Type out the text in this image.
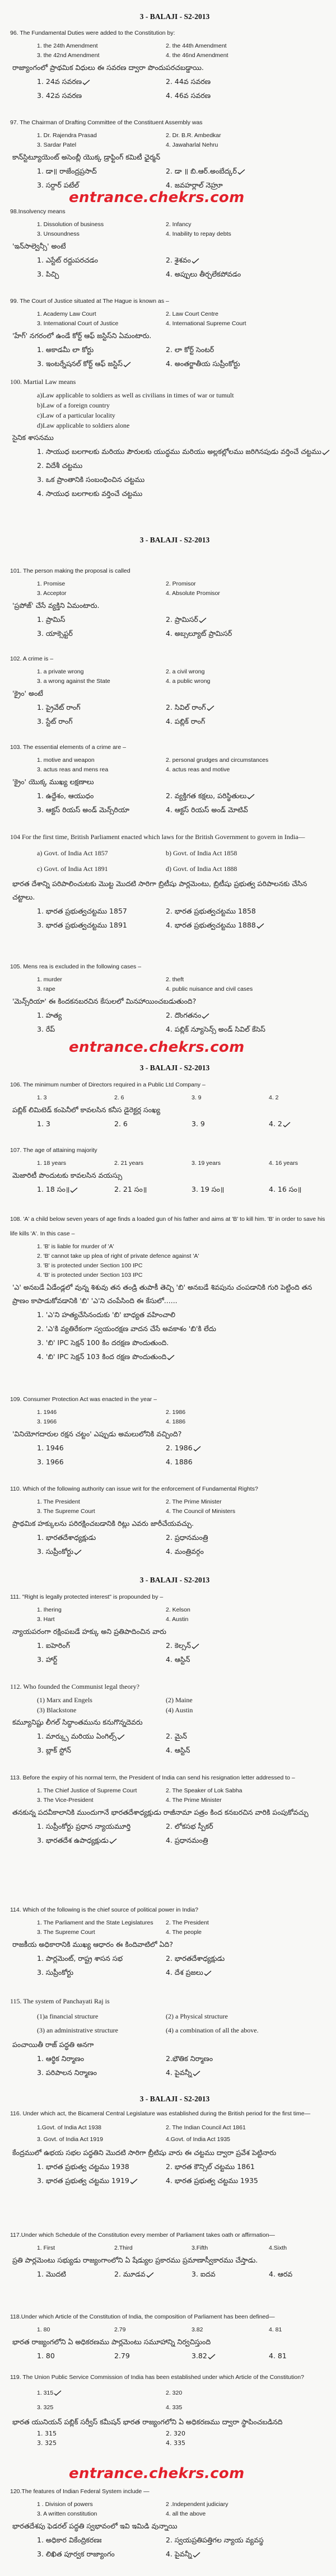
3 - BALAJI - S2-2013
3 - BALAJI - S2-2013
3 - BALAJI - S2-2013
3 - BALAJI - S2-2013
3 - BALAJI - S2-2013
entrance.chekrs.com
entrance.chekrs.com
entrance.chekrs.com
96. The Fundamental Duties were added to the Constitution by:
1. the 24th Amendment	2. the 44th Amendment
3. the 42nd Amendment	4. the 46nd Amendment
రాజ్యాంగంలో ప్రాథమిక విధులు ఈ సవరణ ద్వారా పొందుపరచబడ్డాయి.
1. 24వ సవరణ	2. 44వ సవరణ
3. 42వ సవరణ	4. 46వ సవరణ
97. The Chairman of Drafting Committee of the Constituent Assembly was
1. Dr. Rajendra Prasad	2. Dr. B.R. Ambedkar
3. Sardar Patel	4. Jawaharlal Nehru
కాన్‌స్టిట్యూయెంట్ అసెంబ్లీ యొక్క డ్రాఫ్టింగ్ కమిటీ ఛైర్మన్
1. డా॥ రాజేంద్రప్రసాద్	2. డా ॥ బి.ఆర్.అంబేద్కర్
3. సర్దార్ పటేల్	4. జవహర్లాల్ నెహ్రూ
98.Insolvency means
1. Dissolution of business	2. Infancy
3. Unsoundness	4. Inability to repay debts
'ఇన్‌సాల్వెన్సీ' అంటే
1. ఎస్టేట్ రద్దుపరచడం	2. శైశవం
3. పిచ్చి	4. అప్పులు తీర్చలేకపోవడం
99. The Court of Justice situated at The Hague is known as –
1. Academy Law Court	2. Law Court Centre
3. International Court of Justice	4. International Supreme Court
'హేగ్' నగరంలో ఉండే కోర్ట్ ఆఫ్ జస్టిస్‌ని ఏమంటారు.
1. అకాడమీ లా కోర్టు	2. లా కోర్ట్ సెంటర్
3. ఇంటర్నేషనల్ కోర్ట్ ఆఫ్ జస్టిస్	4. అంతర్జాతీయ సుప్రీంకోర్టు
100. Martial Law means
a)Law applicable to soldiers as well as civilians in times of war or tumult
b)Law of a foreign country
c)Law of a particular locality
d)Law applicable to soldiers alone
సైనిక శాసనము
1. సాయుధ బలగాలకు మరియు పౌరులకు యుద్ధము మరియు అల్లకల్లోలము జరిగినపుడు వర్తించే చట్టము
2. విదేశీ చట్టము
3. ఒక ప్రాంతానికి సంబంధించిన చట్టము
4. సాయుధ బలగాలకు వర్తించే చట్టము
101. The person making the proposal is called
1. Promise	2. Promisor
3. Acceptor	4. Absolute Promisor
'ప్రపోజ్' చేసే వ్యక్తిని ఏమంటారు.
1. ప్రామిస్	2. ప్రామిసర్
3. యాక్సెప్టర్	4. అబ్సల్యూట్ ప్రామిసర్
102. A crime is –
1. a private wrong	2. a civil wrong
3. a wrong against the State	4. a public wrong
'క్రైం' అంటే
1. ప్రైవేట్ రాంగ్	2. సివిల్ రాంగ్
3. స్టేట్ రాంగ్	4. పబ్లిక్ రాంగ్
103. The essential elements of a crime are –
1. motive and weapon	2. personal grudges and circumstances
3. actus reas and mens rea	4. actus reas and motive
'క్రైం' యొక్క ముఖ్య లక్షణాలు
1. ఉద్దేశం, ఆయుధం	2. వ్యక్తిగత కక్షలు, పరిస్థితులు
3. ఆక్టస్ రియస్ అండ్ మెన్స్‌రియా	4. ఆక్టస్ రియస్ అండ్ మోటివ్
104 For the first time, British Parliament enacted which laws for the British Government to govern in India—
a) Govt. of India Act 1857	b) Govt. of India Act 1858
c) Govt. of India Act 1891	d) Govt. of India Act 1888
భారత దేశాన్ని పరిపాలించుటకు మొట్ట మొదటి సారిగా బ్రిటీషు పార్లమెంటు, బ్రిటీషు ప్రభుత్వ పరిపాలనకు చేసిన చట్టాలు.
1. భారత ప్రభుత్వచట్టము 1857	2. భారత ప్రభుత్వచట్టము 1858
3. భారత ప్రభుత్వచట్టము 1891	4. భారత ప్రభుత్వచట్టము 1888
105. Mens rea is excluded in the following cases –
1. murder	2. theft
3. rape	4. public nuisance and civil cases
'మెన్స్‌రియా' ఈ కిందకనబరచిన కేసులలో మినహాయించబడుతుంది?
1. హత్య	2. దొంగతనం
3. రేప్	4. పబ్లిక్ న్యూసెన్స్ అండ్ సివిల్ కేసెస్
106. The minimum number of Directors required in a Public Ltd Company –
1. 3	2. 6	3. 9	4. 2
పబ్లిక్ లిమిటెడ్ కంపెనీలో కావలసిన కనీస డైరెక్టర్ల సంఖ్య
1. 3	2. 6	3. 9	4. 2
107. The age of attaining majority
1. 18 years	2. 21 years	3. 19 years	4. 16 years
మెజారిటీ పొందుటకు కావలసిన వయస్సు
1. 18 సం॥	2. 21 సం॥	3. 19 సం॥	4. 16 సం॥
108. 'A' a child below seven years of age finds a loaded gun of his father and aims at 'B' to kill him. 'B' in order to save his life kills 'A'. In this case –
1. 'B' is liable for murder of 'A'
2. 'B' cannot take up plea of right of private defence against 'A'
3. 'B' is protected under Section 100 IPC
4. 'B' is protected under Section 103 IPC
'ఎ' అనబడే ఏడేండ్లలో వున్న శిశువు తన తండ్రి తుపాకీ తెచ్చి 'బి' అనబడే శివపును చంపడానికి గురి పెట్టింది తన ప్రాణం కాపాడుకోవడానికి 'బి' 'ఎ'ని చంపేసింది ఈ కేసులో......
1. 'ఎ'ని హత్యచేసినందుకు 'బి' బాధ్యత వహించాలి
2. 'ఎ'కి వ్యతిరేకంగా స్వయంరక్షణ వాదన చేసే అవకాశం 'బి'కి లేదు
3. 'బి' IPC సెక్షన్ 100 కిం దరక్షణ పొందుతుంది.
4. 'బి' IPC సెక్షన్ 103 కింద రక్షణ పొందుతుంది
109. Consumer Protection Act was enacted in the year –
1. 1946	2. 1986
3. 1966	4. 1886
'వినియోగదారుల రక్షన చట్టం' ఎప్పుడు అమలులోనికి వచ్చింది?
1. 1946	2. 1986
3. 1966	4. 1886
110. Which of the following authority can issue writ for the enforcement of Fundamental Rights?
1. The President	2. The Prime Minister
3. The Supreme Court	4. The Council of Ministers
ప్రాథమిక హక్కులను పరిరక్షించబడానికి రిట్లు ఎవరు జారీచేయవచ్చు.
1. భారతదేశాధ్యక్షుడు	2. ప్రధానమంత్రి
3. సుప్రీంకోర్టు	4. మంత్రివర్గం
111. "Right is legally protected interest" is propounded by –
1. Ihering	2. Kelson
3. Hart	4. Austin
న్యాయపరంగా రక్షింపబడే హక్కు అని ప్రతిపాదించిన వారు
1. ఐహెరింగ్	2. కెల్సన్
3. హార్ట్	4. ఆస్టిన్
112. Who founded the Communist legal theory?
(1) Marx and Engels	(2) Maine
(3) Blackstone	(4) Austin
కమ్యూనిష్టు లీగల్ సిద్ధాంతమును కనుగొన్నదెవరు
1. మార్క్సు మరియు ఏంగిల్స్	2. మైన్
3. బ్లాక్ స్టోన్	4. ఆస్టిన్
113. Before the expiry of his normal term, the President of India can send his resignation letter addressed to –
1. The Chief Justice of Supreme Court	2. The Speaker of Lok Sabha
3. The Vice-President	4. The Prime Minister
తనకున్న పదవీకాలానికి ముందుగానే భారతదేశాధ్యక్షుడు రాజీనామా పత్రం కింద కనబరచిన వారికి పంపుకోవచ్చు
1. సుప్రీంకోర్టు ప్రధాన న్యాయమూర్తి	2. లోకసభ స్పీకర్
3. భారతదేశ ఉపాధ్యక్షుడు	4. ప్రధానమంత్రి
114. Which of the following is the chief source of political power in India?
1. The Parliament and the State Legislatures	2. The President
3. The Supreme Court	4. The people
రాజకీయ అధికారానికి ముఖ్య ఆధారం ఈ కిందివాటిలో ఏది?
1. పార్లమెంట్, రాష్ట్ర శాసన సభ	2. భారతదేశాధ్యక్షుడు
3. సుప్రీంకోర్టు	4. దేశ ప్రజలు
115. The system of Panchayati Raj is
(1)a financial structure	(2) a Physical structure
(3) an administrative structure	(4) a combination of all the above.
పంచాయితీ రాజ్ పద్ధతి అనగా
1. ఆర్థిక నిర్మాణం	2.భౌతిక నిర్మాణం
3. పరిపాలన నిర్మాణం	4. పైవన్నీ
116. Under which act, the Bicameral Central Legislature was established during the British period for the first time—
1.Govt. of India Act 1938	2. The Indian Council Act 1861
3. Govt. of India Act 1919	4.Govt. of India Act 1935
కేంద్రములో ఉభయ సభల పద్ధతిని మొదటి సారిగా బ్రీటిషు వారు ఈ చట్టము ద్వారా ప్రవేశ పెట్టినారు
1. భారత ప్రభుత్వ చట్టము 1938	2. భారత కౌన్సిల్ చట్టము 1861
3. భారత ప్రభుత్వ చట్టము 1919	4. భారత ప్రభుత్వ చట్టము 1935
117.Under which Schedule of the Constitution every member of Parliament takes oath or affirmation—
1. First	2.Third	3.Fifth	4.Sixth
ప్రతి పార్లమెంటు సభ్యుడు రాజ్యంగాంలోని ఏ షేడ్యుల ప్రకారము ప్రమాణాస్వీకారము చేస్తాడు.
1. మొదటి	2. మూడవ	3. ఐదవ	4. ఆరవ
118.Under which Article of the Constitution of India, the composition of Parliament has been defined—
1. 80	2.79	3.82	4. 81
భారత రాజ్యంగలోని ఏ అధికరణము పార్లమెంటు సమూహాన్ని నిర్వచిస్తుంది
1. 80	2.79	3.82	4. 81
119. The Union Public Service Commission of India has been established under which Article of the Constitution?
1. 315	2. 320
3. 325	4. 335
భారత యునియన్ పబ్లిక్ సర్వీస్ కమీషన్ భారత రాజ్యంగలోని ఏ అధికరణము ద్వారా స్థాపించబడినది
1. 315	2. 320
3. 325	4. 335
120.The features of Indian Federal System include —
1 . Division of powers	2 .Independent judiciary
3. A written constitution	4. all the above
భారతదేశపు ఫెడరల్ పద్ధతి స్వభావంలో ఇవి ఇమిడి వున్నాయి
1. అధికార వికేంద్రికరణః	2. స్వయప్రతిపత్తిగల న్యాయ వ్యవస్థ
3. లిఖిత పూర్వక రాజ్యాంగం	4. పైవన్నీ
